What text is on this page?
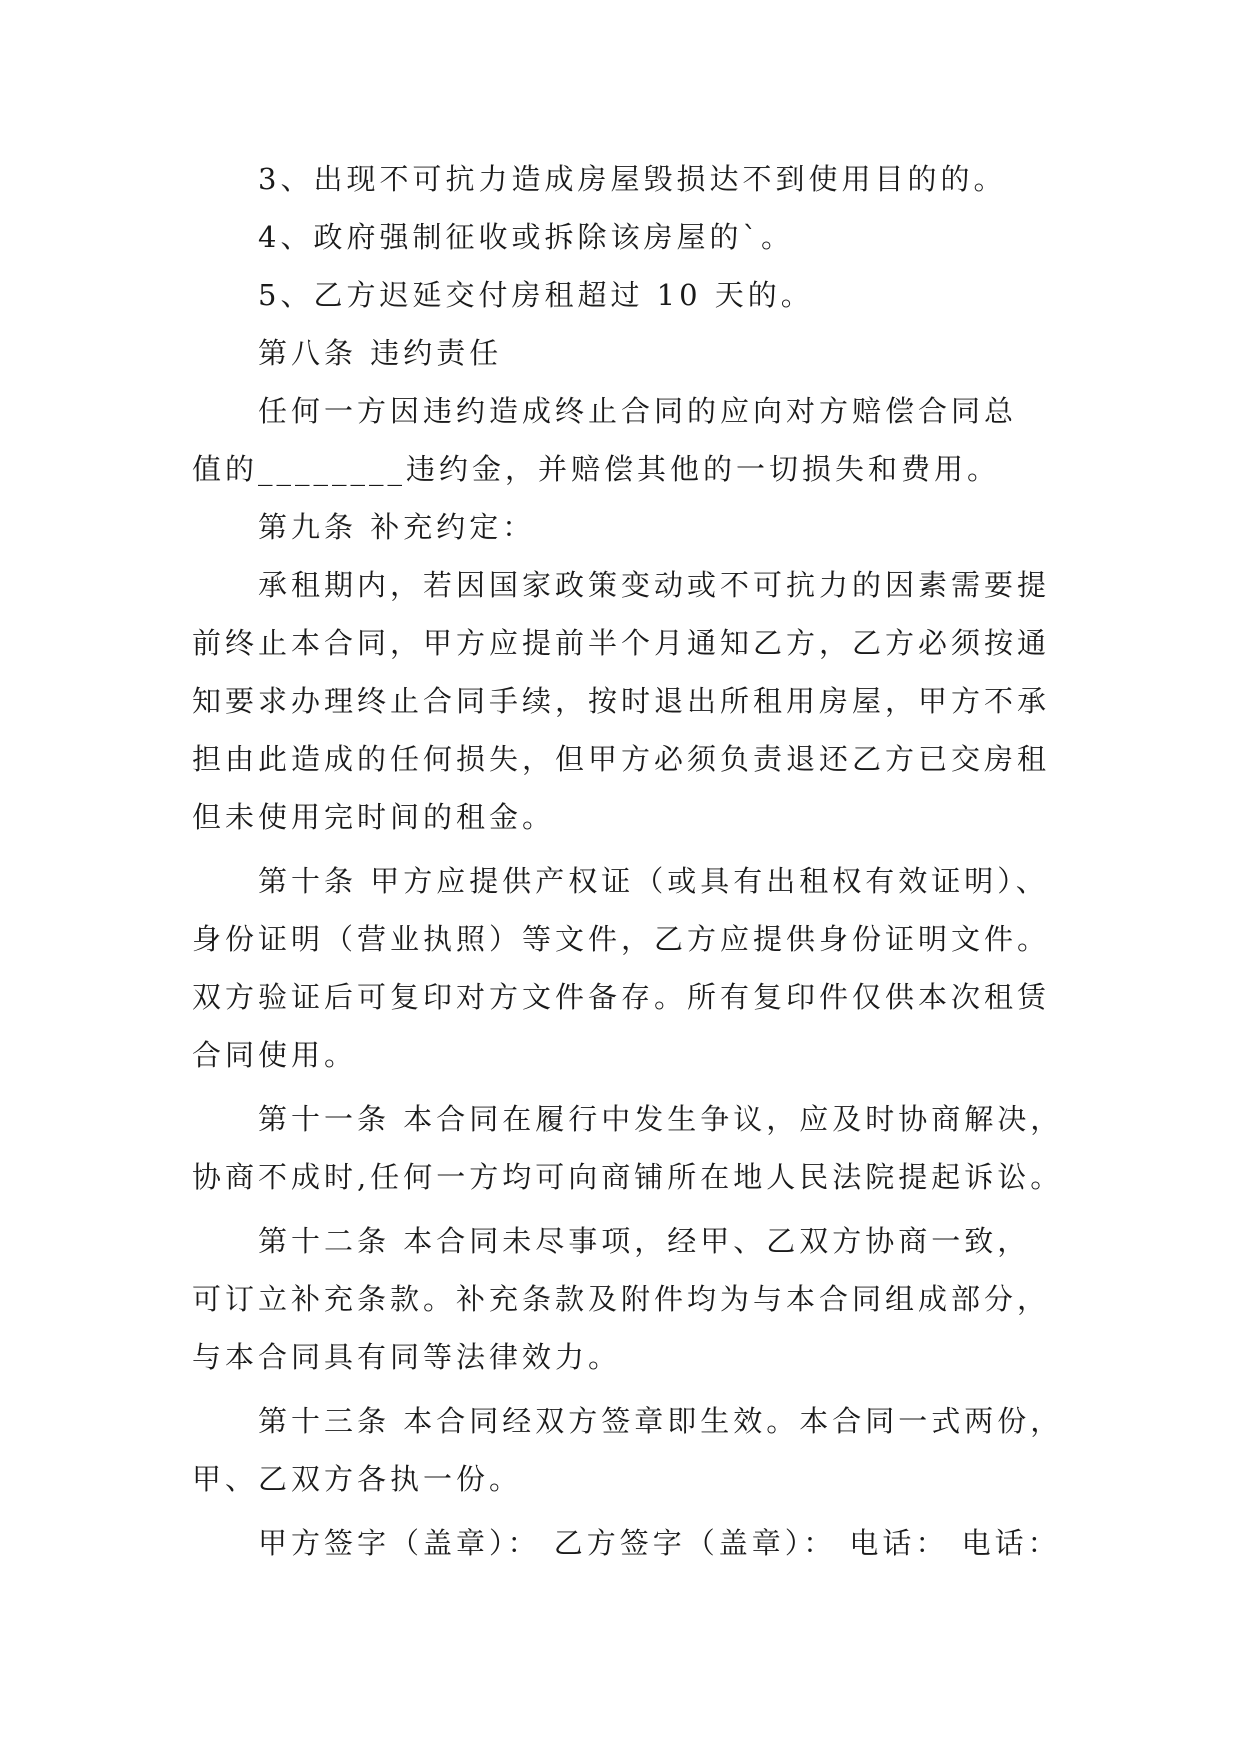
3、出现不可抗力造成房屋毁损达不到使用目的的。
4、政府强制征收或拆除该房屋的`。
5、乙方迟延交付房租超过 10 天的。
第八条 违约责任
任何一方因违约造成终止合同的应向对方赔偿合同总
值的________违约金，并赔偿其他的一切损失和费用。
第九条 补充约定：
承租期内，若因国家政策变动或不可抗力的因素需要提
前终止本合同，甲方应提前半个月通知乙方，乙方必须按通
知要求办理终止合同手续，按时退出所租用房屋，甲方不承
担由此造成的任何损失，但甲方必须负责退还乙方已交房租
但未使用完时间的租金。
第十条 甲方应提供产权证（或具有出租权有效证明）、
身份证明（营业执照）等文件，乙方应提供身份证明文件。
双方验证后可复印对方文件备存。所有复印件仅供本次租赁
合同使用。
第十一条 本合同在履行中发生争议，应及时协商解决，
协商不成时,任何一方均可向商铺所在地人民法院提起诉讼。
第十二条 本合同未尽事项，经甲、乙双方协商一致，
可订立补充条款。补充条款及附件均为与本合同组成部分，
与本合同具有同等法律效力。
第十三条 本合同经双方签章即生效。本合同一式两份，
甲、乙双方各执一份。
甲方签字（盖章）： 乙方签字（盖章）： 电话： 电话：
